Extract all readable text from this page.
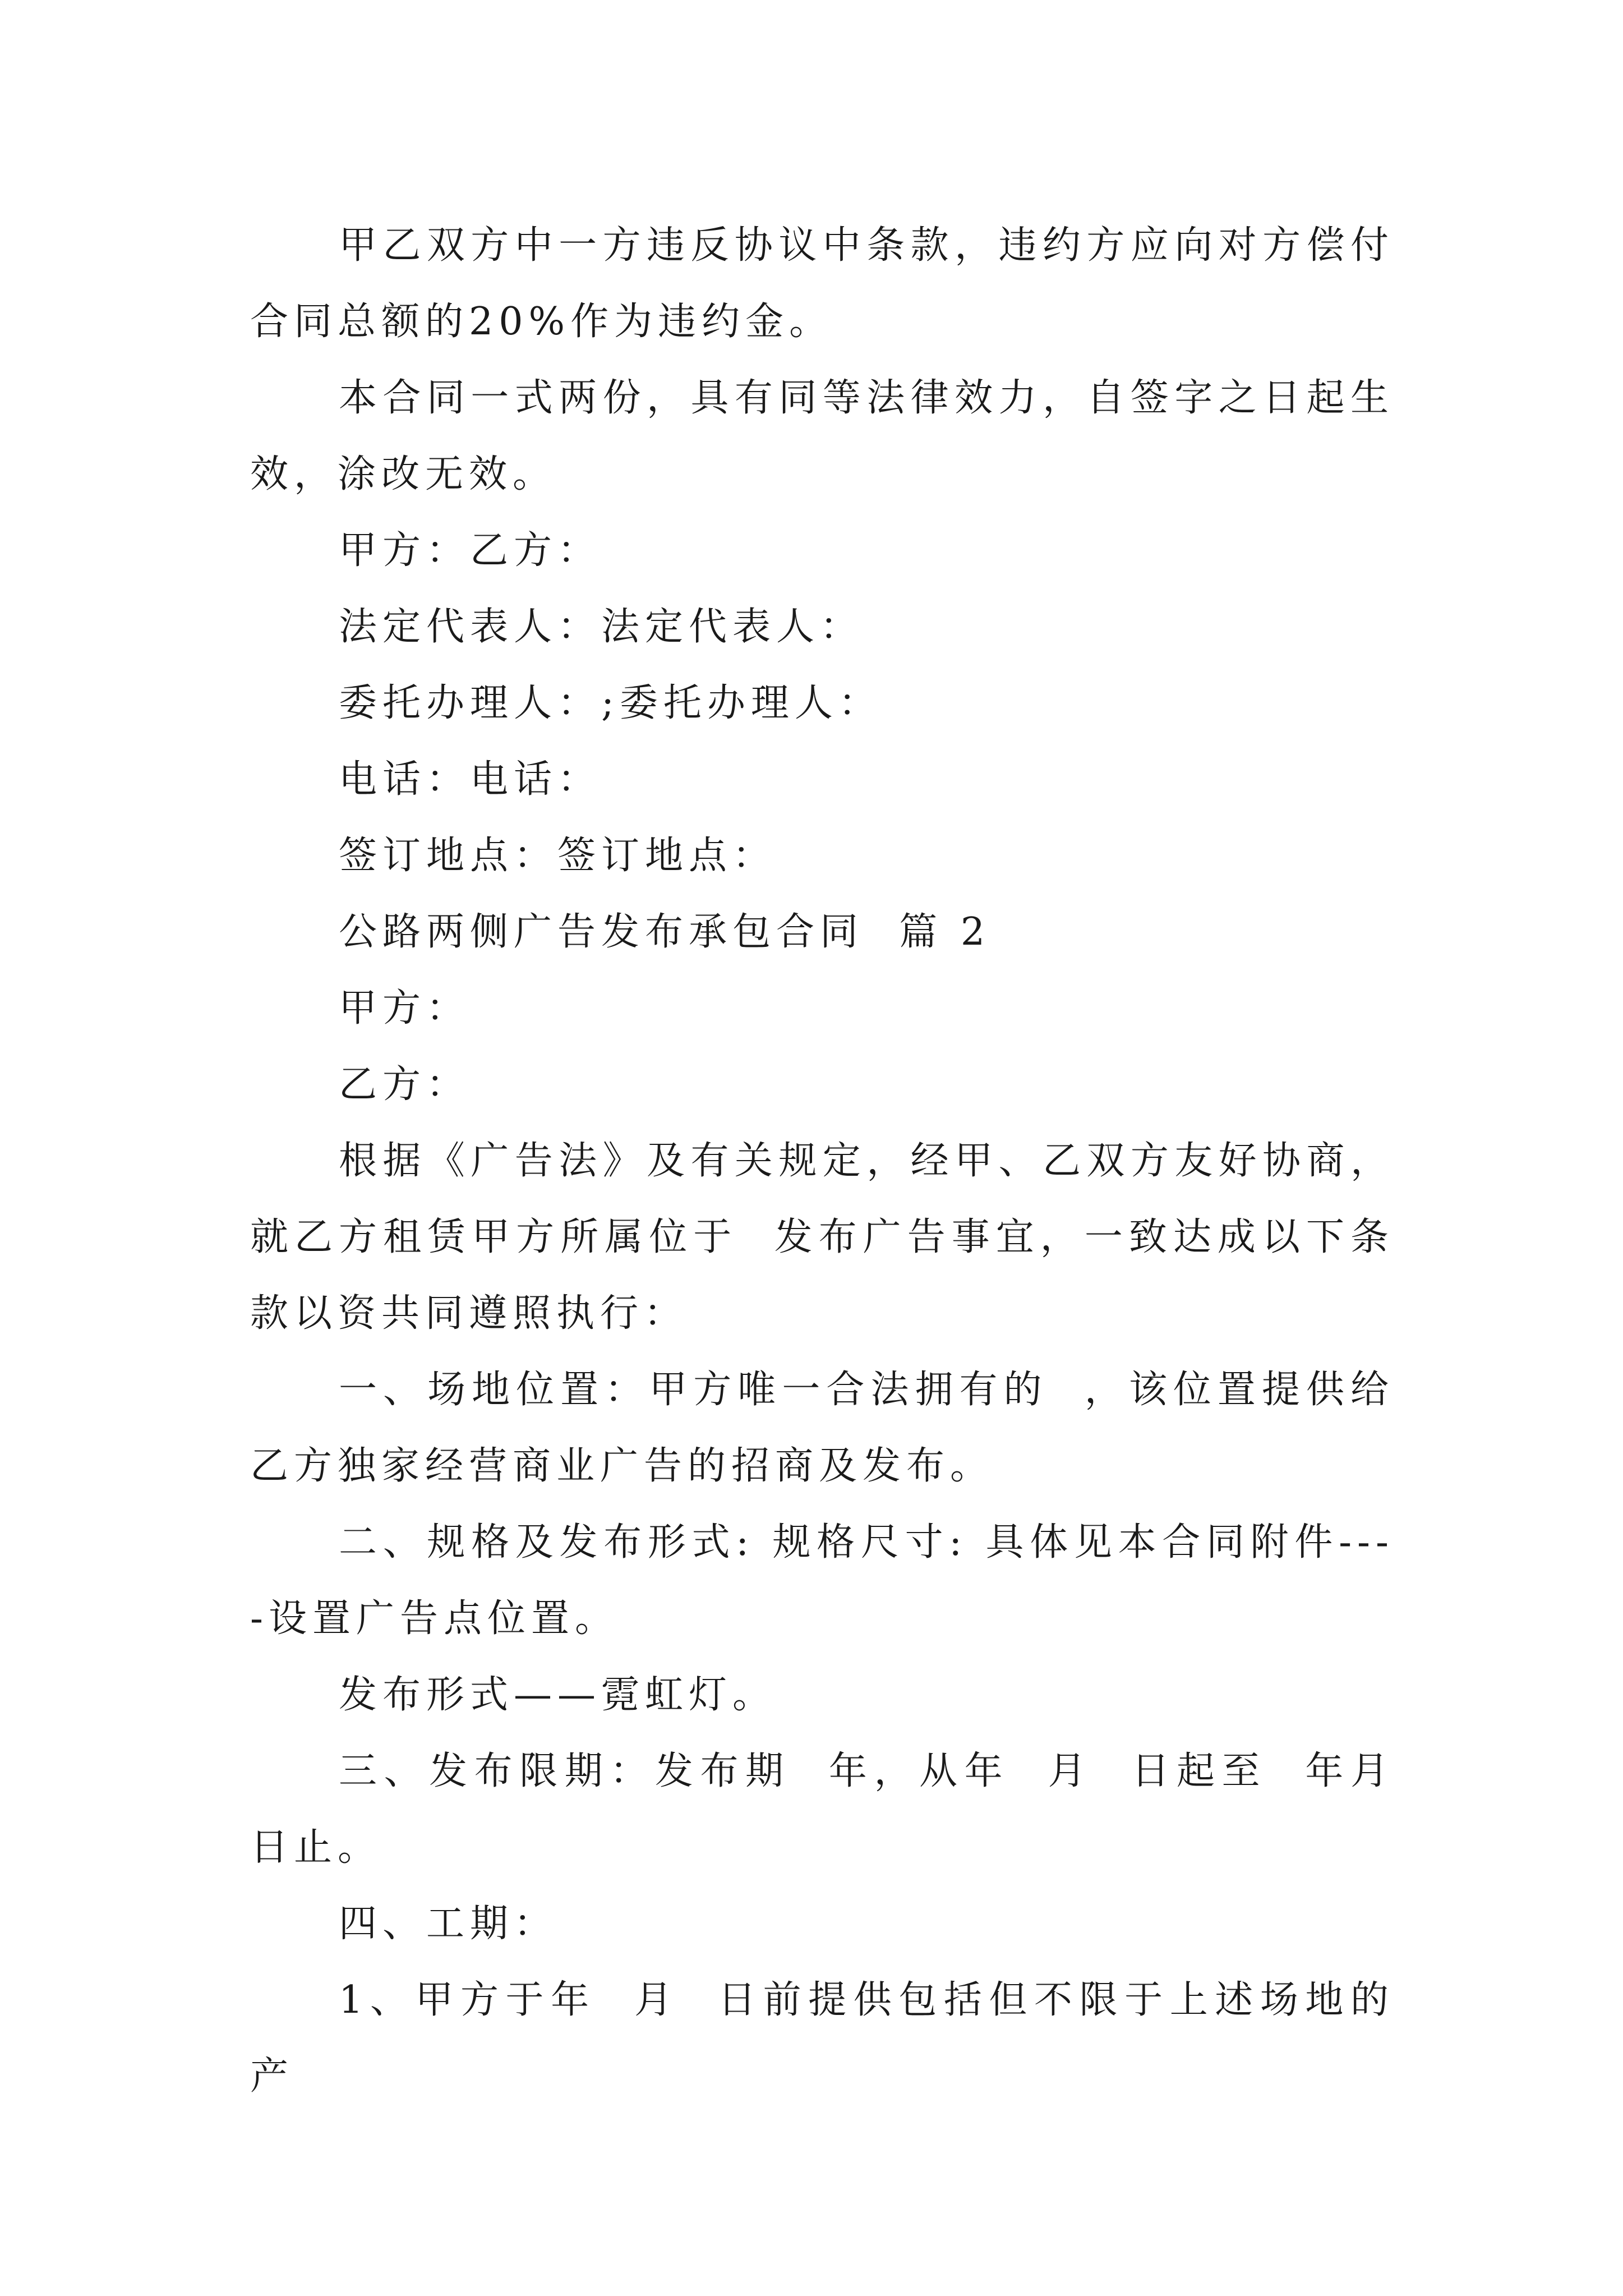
甲乙双方中一方违反协议中条款，违约方应向对方偿付合同总额的20%作为违约金。

本合同一式两份，具有同等法律效力，自签字之日起生效，涂改无效。

甲方：乙方：

法定代表人：法定代表人：

委托办理人：;委托办理人：

电话：电话：

签订地点：签订地点：

公路两侧广告发布承包合同  篇 2

甲方：

乙方：

根据《广告法》及有关规定，经甲、乙双方友好协商，就乙方租赁甲方所属位于  发布广告事宜，一致达成以下条款以资共同遵照执行：

一、场地位置：甲方唯一合法拥有的  ，该位置提供给乙方独家经营商业广告的招商及发布。

二、规格及发布形式: 规格尺寸: 具体见本合同附件----设置广告点位置。

发布形式——霓虹灯。

三、发布限期：发布期  年，从年  月  日起至  年月  日止。

四、工期：

1、甲方于年  月  日前提供包括但不限于上述场地的产
